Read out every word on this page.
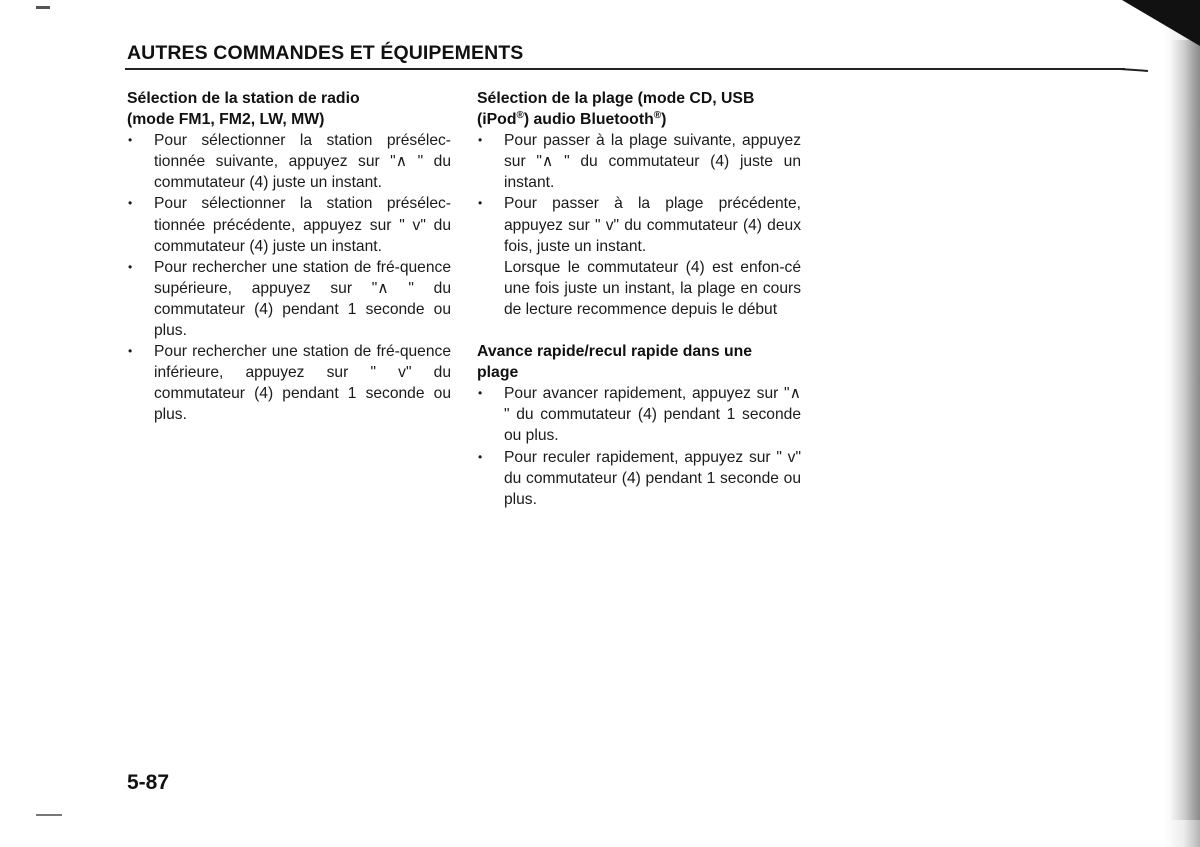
AUTRES COMMANDES ET ÉQUIPEMENTS

Sélection de la station de radio
(mode FM1, FM2, LW, MW)

• Pour sélectionner la station présélec-tionnée suivante, appuyez sur "∧ " du commutateur (4) juste un instant.
• Pour sélectionner la station présélec-tionnée précédente, appuyez sur " v" du commutateur (4) juste un instant.
• Pour rechercher une station de fré-quence supérieure, appuyez sur "∧ " du commutateur (4) pendant 1 seconde ou plus.
• Pour rechercher une station de fré-quence inférieure, appuyez sur " v" du commutateur (4) pendant 1 seconde ou plus.

Sélection de la plage (mode CD, USB
(iPod®) audio Bluetooth®)

• Pour passer à la plage suivante, appuyez sur "∧ " du commutateur (4) juste un instant.
• Pour passer à la plage précédente, appuyez sur " v" du commutateur (4) deux fois, juste un instant.
Lorsque le commutateur (4) est enfon-cé une fois juste un instant, la plage en cours de lecture recommence depuis le début

Avance rapide/recul rapide dans une
plage

• Pour avancer rapidement, appuyez sur "∧ " du commutateur (4) pendant 1 seconde ou plus.
• Pour reculer rapidement, appuyez sur " v" du commutateur (4) pendant 1 seconde ou plus.
5-87
